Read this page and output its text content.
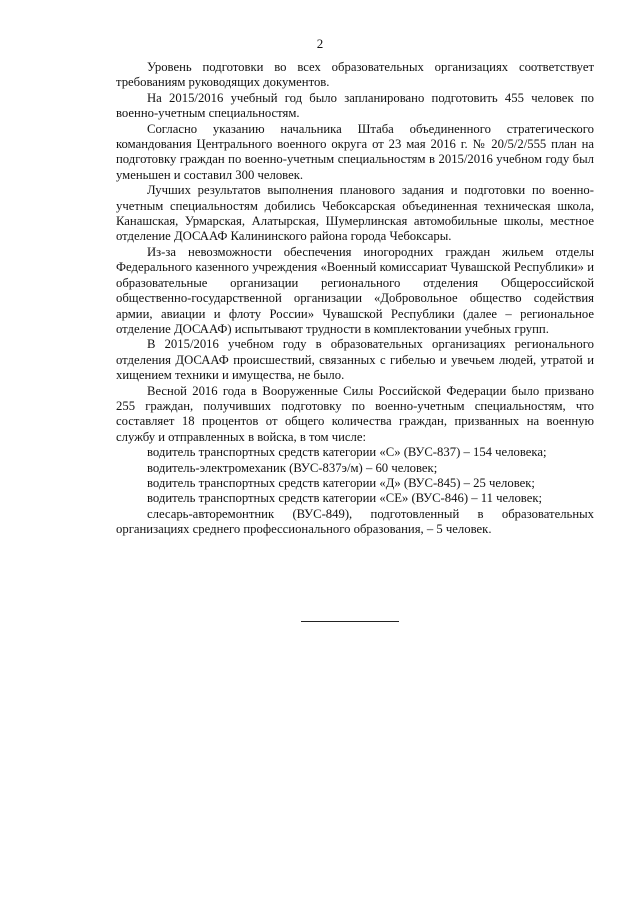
2

Уровень подготовки во всех образовательных организациях соответствует требованиям руководящих документов.

На 2015/2016 учебный год было запланировано подготовить 455 человек по военно-учетным специальностям.

Согласно указанию начальника Штаба объединенного стратегического командования Центрального военного округа от 23 мая 2016 г. № 20/5/2/555 план на подготовку граждан по военно-учетным специальностям в 2015/2016 учебном году был уменьшен и составил 300 человек.

Лучших результатов выполнения планового задания и подготовки по военно-учетным специальностям добились Чебоксарская объединенная техническая школа, Канашская, Урмарская, Алатырская, Шумерлинская автомобильные школы, местное отделение ДОСААФ Калининского района города Чебоксары.

Из-за невозможности обеспечения иногородних граждан жильем отделы Федерального казенного учреждения «Военный комиссариат Чувашской Республики» и образовательные организации регионального отделения Общероссийской общественно-государственной организации «Добровольное общество содействия армии, авиации и флоту России» Чувашской Республики (далее – региональное отделение ДОСААФ) испытывают трудности в комплектовании учебных групп.

В 2015/2016 учебном году в образовательных организациях регионального отделения ДОСААФ происшествий, связанных с гибелью и увечьем людей, утратой и хищением техники и имущества, не было.

Весной 2016 года в Вооруженные Силы Российской Федерации было призвано 255 граждан, получивших подготовку по военно-учетным специальностям, что составляет 18 процентов от общего количества граждан, призванных на военную службу и отправленных в войска, в том числе:

водитель транспортных средств категории «С» (ВУС-837) – 154 человека;

водитель-электромеханик (ВУС-837э/м) – 60 человек;

водитель транспортных средств категории «Д» (ВУС-845) – 25 человек;

водитель транспортных средств категории «СЕ» (ВУС-846) – 11 человек;

слесарь-авторемонтник (ВУС-849), подготовленный в образовательных организациях среднего профессионального образования, – 5 человек.
